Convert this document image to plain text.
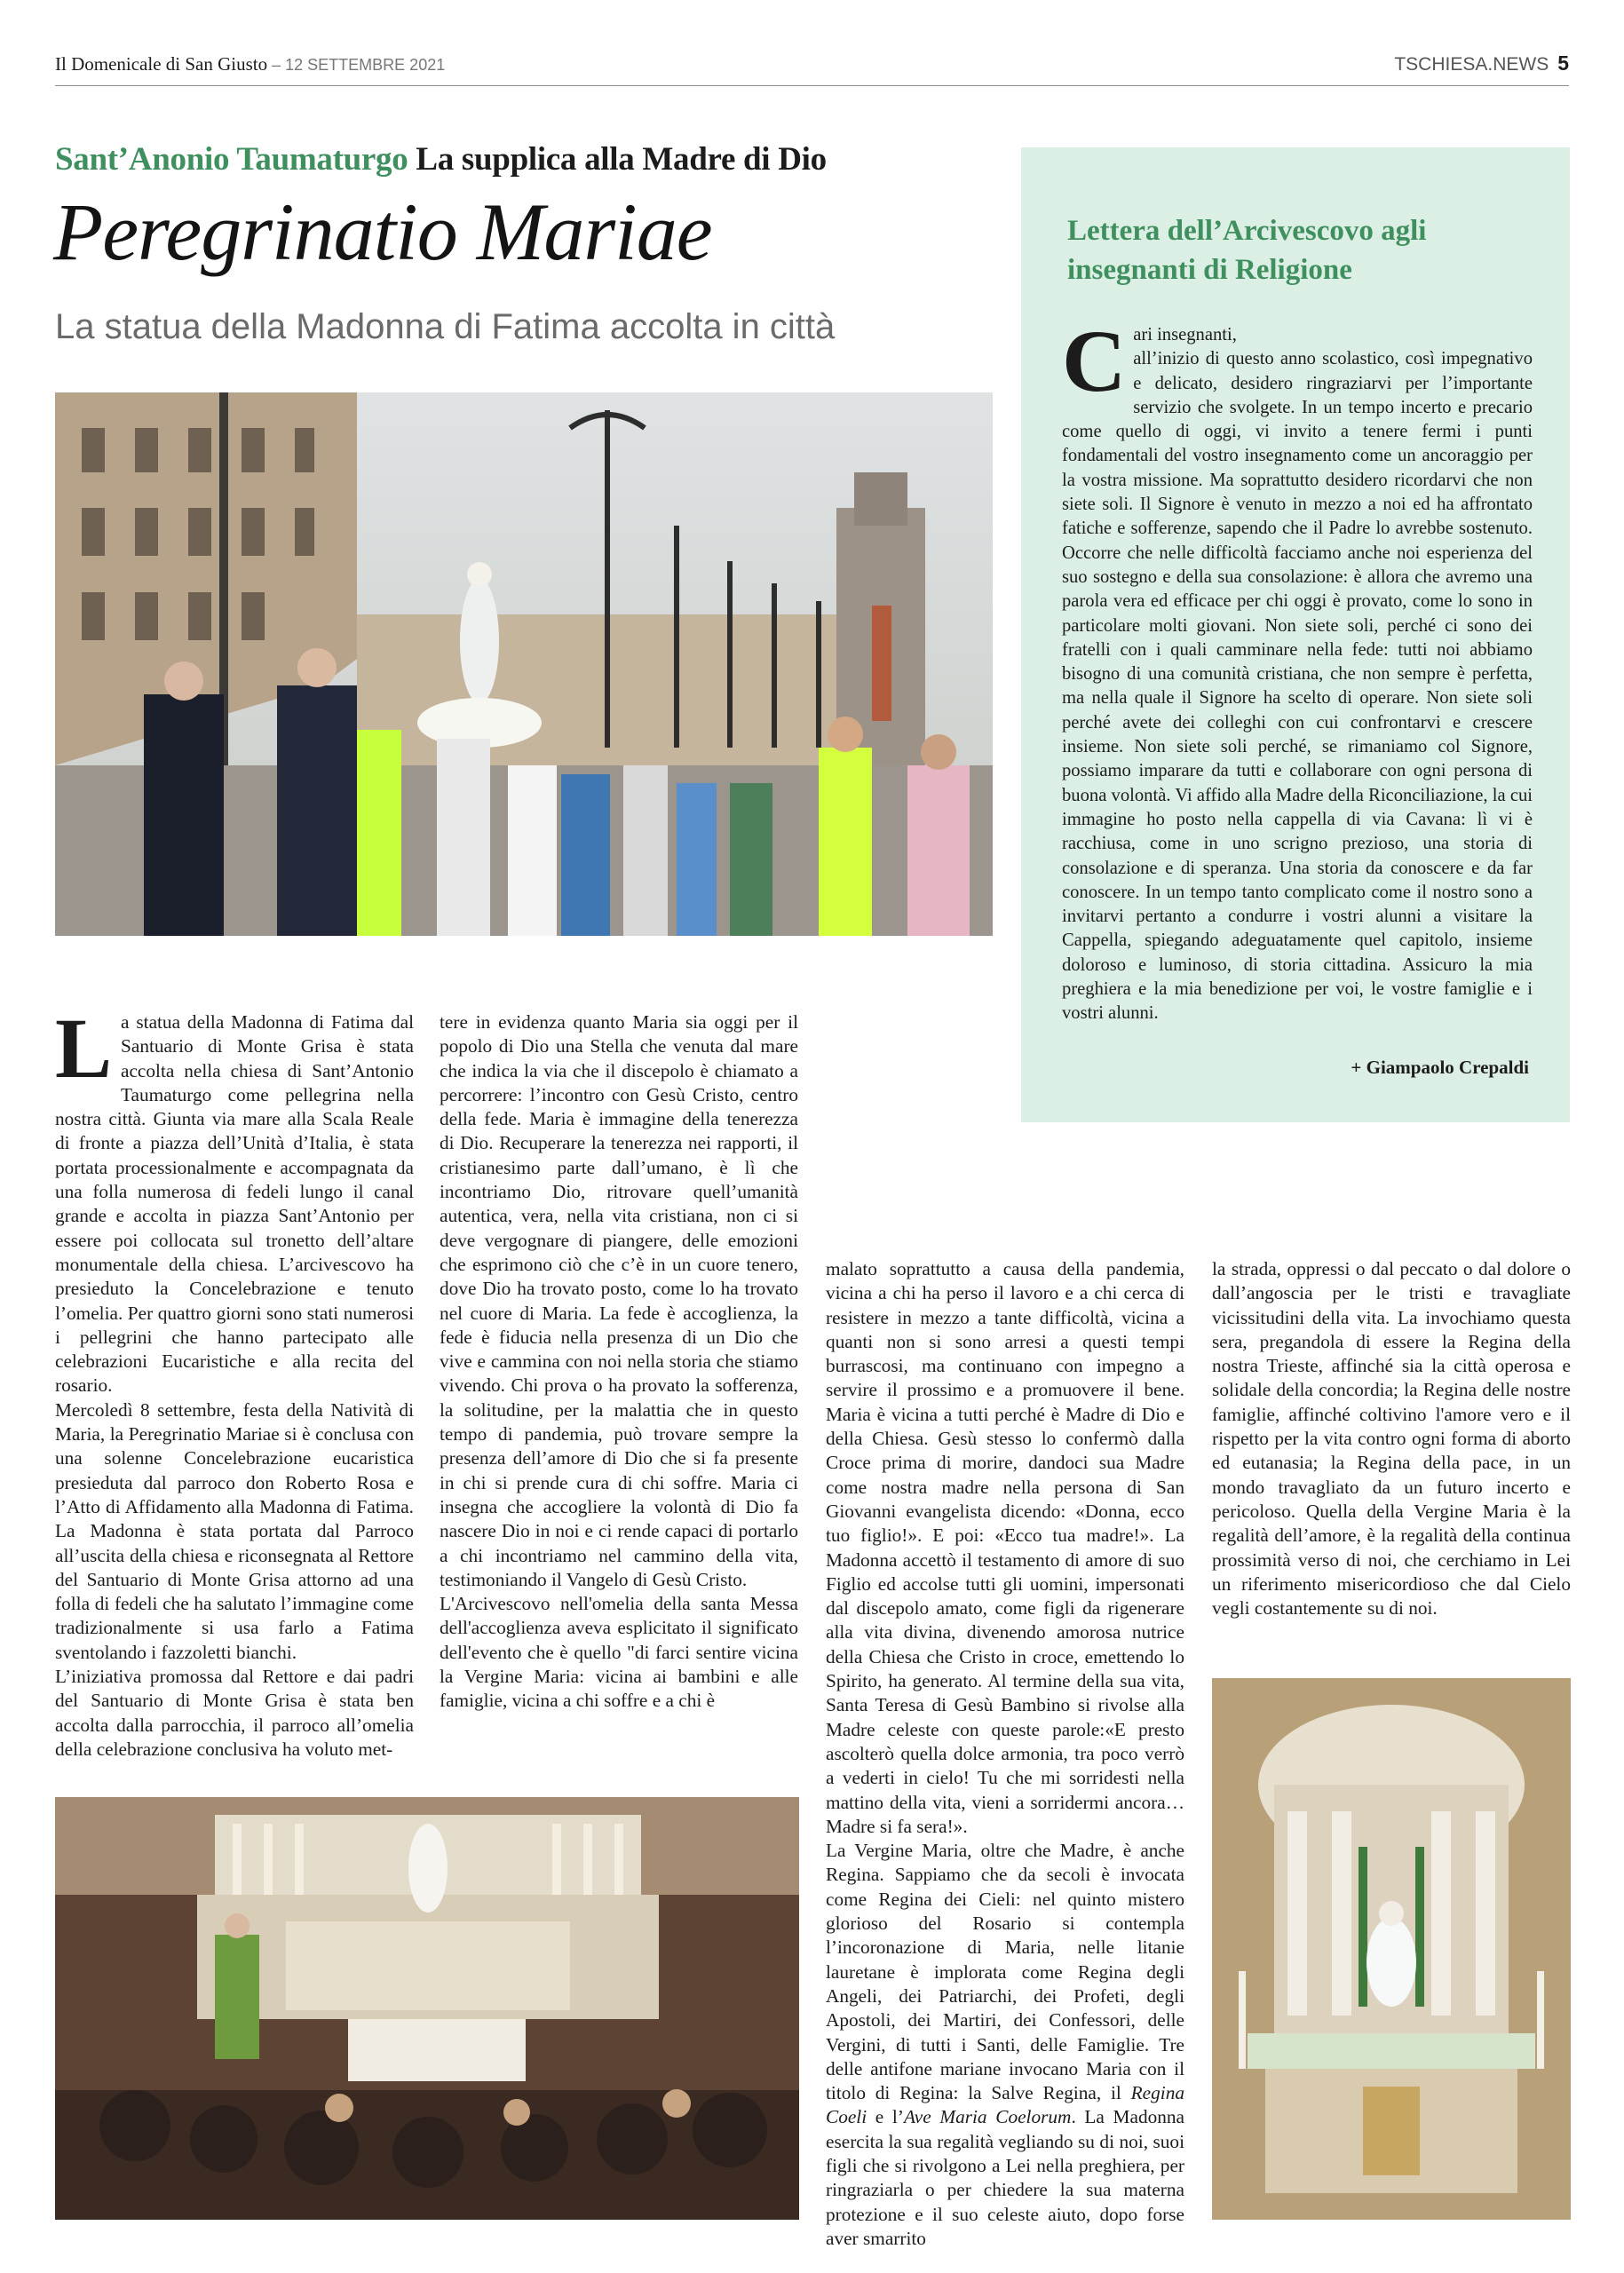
Il Domenicale di San Giusto – 12 SETTEMBRE 2021	TSCHIESA.NEWS 5
Sant’Anonio Taumaturgo La supplica alla Madre di Dio
Peregrinatio Mariae
La statua della Madonna di Fatima accolta in città
L a statua della Madonna di Fatima dal Santuario di Monte Grisa è stata accolta nella chiesa di Sant’Antonio Taumaturgo come pellegrina nella nostra città. Giunta via mare alla Scala Reale di fronte a piazza dell’Unità d’Italia, è stata portata processionalmente e accompagnata da una folla numerosa di fedeli lungo il canal grande e accolta in piazza Sant’Antonio per essere poi collocata sul tronetto dell’altare monumentale della chiesa. L’arcivescovo ha presieduto la Concelebrazione e tenuto l’omelia. Per quattro giorni sono stati numerosi i pellegrini che hanno partecipato alle celebrazioni Eucaristiche e alla recita del rosario.

Mercoledì 8 settembre, festa della Natività di Maria, la Peregrinatio Mariae si è conclusa con una solenne Concelebrazione eucaristica presieduta dal parroco don Roberto Rosa e l’Atto di Affidamento alla Madonna di Fatima. La Madonna è stata portata dal Parroco all’uscita della chiesa e riconsegnata al Rettore del Santuario di Monte Grisa attorno ad una folla di fedeli che ha salutato l’immagine come tradizionalmente si usa farlo a Fatima sventolando i fazzoletti bianchi.

L’iniziativa promossa dal Rettore e dai padri del Santuario di Monte Grisa è stata ben accolta dalla parrocchia, il parroco all’omelia della celebrazione conclusiva ha voluto met-

tere in evidenza quanto Maria sia oggi per il popolo di Dio una Stella che venuta dal mare che indica la via che il discepolo è chiamato a percorrere: l’incontro con Gesù Cristo, centro della fede. Maria è immagine della tenerezza di Dio. Recuperare la tenerezza nei rapporti, il cristianesimo parte dall’umano, è lì che incontriamo Dio, ritrovare quell’umanità autentica, vera, nella vita cristiana, non ci si deve vergognare di piangere, delle emozioni che esprimono ciò che c’è in un cuore tenero, dove Dio ha trovato posto, come lo ha trovato nel cuore di Maria. La fede è accoglienza, la fede è fiducia nella presenza di un Dio che vive e cammina con noi nella storia che stiamo vivendo. Chi prova o ha provato la sofferenza, la solitudine, per la malattia che in questo tempo di pandemia, può trovare sempre la presenza dell’amore di Dio che si fa presente in chi si prende cura di chi soffre. Maria ci insegna che accogliere la volontà di Dio fa nascere Dio in noi e ci rende capaci di portarlo a chi incontriamo nel cammino della vita, testimoniando il Vangelo di Gesù Cristo.

L'Arcivescovo nell'omelia della santa Messa dell'accoglienza aveva esplicitato il significato dell'evento che è quello "di farci sentire vicina la Vergine Maria: vicina ai bambini e alle famiglie, vicina a chi soffre e a chi è

Lettera dell’Arcivescovo agli insegnanti di Religione
C ari insegnanti,
all’inizio di questo anno scolastico, così impegnativo e delicato, desidero ringraziarvi per l’importante servizio che svolgete. In un tempo incerto e precario come quello di oggi, vi invito a tenere fermi i punti fondamentali del vostro insegnamento come un ancoraggio per la vostra missione. Ma soprattutto desidero ricordarvi che non siete soli. Il Signore è venuto in mezzo a noi ed ha affrontato fatiche e sofferenze, sapendo che il Padre lo avrebbe sostenuto. Occorre che nelle difficoltà facciamo anche noi esperienza del suo sostegno e della sua consolazione: è allora che avremo una parola vera ed efficace per chi oggi è provato, come lo sono in particolare molti giovani. Non siete soli, perché ci sono dei fratelli con i quali camminare nella fede: tutti noi abbiamo bisogno di una comunità cristiana, che non sempre è perfetta, ma nella quale il Signore ha scelto di operare. Non siete soli perché avete dei colleghi con cui confrontarvi e crescere insieme. Non siete soli perché, se rimaniamo col Signore, possiamo imparare da tutti e collaborare con ogni persona di buona volontà. Vi affido alla Madre della Riconciliazione, la cui immagine ho posto nella cappella di via Cavana: lì vi è racchiusa, come in uno scrigno prezioso, una storia di consolazione e di speranza. Una storia da conoscere e da far conoscere. In un tempo tanto complicato come il nostro sono a invitarvi pertanto a condurre i vostri alunni a visitare la Cappella, spiegando adeguatamente quel capitolo, insieme doloroso e luminoso, di storia cittadina. Assicuro la mia preghiera e la mia benedizione per voi, le vostre famiglie e i vostri alunni.
+ Giampaolo Crepaldi

malato soprattutto a causa della pandemia, vicina a chi ha perso il lavoro e a chi cerca di resistere in mezzo a tante difficoltà, vicina a quanti non si sono arresi a questi tempi burrascosi, ma continuano con impegno a servire il prossimo e a promuovere il bene. Maria è vicina a tutti perché è Madre di Dio e della Chiesa. Gesù stesso lo confermò dalla Croce prima di morire, dandoci sua Madre come nostra madre nella persona di San Giovanni evangelista dicendo: «Donna, ecco tuo figlio!». E poi: «Ecco tua madre!». La Madonna accettò il testamento di amore di suo Figlio ed accolse tutti gli uomini, impersonati dal discepolo amato, come figli da rigenerare alla vita divina, divenendo amorosa nutrice della Chiesa che Cristo in croce, emettendo lo Spirito, ha generato. Al termine della sua vita, Santa Teresa di Gesù Bambino si rivolse alla Madre celeste con queste parole:«E presto ascolterò quella dolce armonia, tra poco verrò a vederti in cielo! Tu che mi sorridesti nella mattino della vita, vieni a sorridermi ancora… Madre si fa sera!».

La Vergine Maria, oltre che Madre, è anche Regina. Sappiamo che da secoli è invocata come Regina dei Cieli: nel quinto mistero glorioso del Rosario si contempla l’incoronazione di Maria, nelle litanie lauretane è implorata come Regina degli Angeli, dei Patriarchi, dei Profeti, degli Apostoli, dei Martiri, dei Confessori, delle Vergini, di tutti i Santi, delle Famiglie. Tre delle antifone mariane invocano Maria con il titolo di Regina: la Salve Regina, il Regina Coeli e l’Ave Maria Coelorum. La Madonna esercita la sua regalità vegliando su di noi, suoi figli che si rivolgono a Lei nella preghiera, per ringraziarla o per chiedere la sua materna protezione e il suo celeste aiuto, dopo forse aver smarrito

la strada, oppressi o dal peccato o dal dolore o dall’angoscia per le tristi e travagliate vicissitudini della vita. La invochiamo questa sera, pregandola di essere la Regina della nostra Trieste, affinché sia la città operosa e solidale della concordia; la Regina delle nostre famiglie, affinché coltivino l'amore vero e il rispetto per la vita contro ogni forma di aborto ed eutanasia; la Regina della pace, in un mondo travagliato da un futuro incerto e pericoloso. Quella della Vergine Maria è la regalità dell’amore, è la regalità della continua prossimità verso di noi, che cerchiamo in Lei un riferimento misericordioso che dal Cielo vegli costantemente su di noi.
